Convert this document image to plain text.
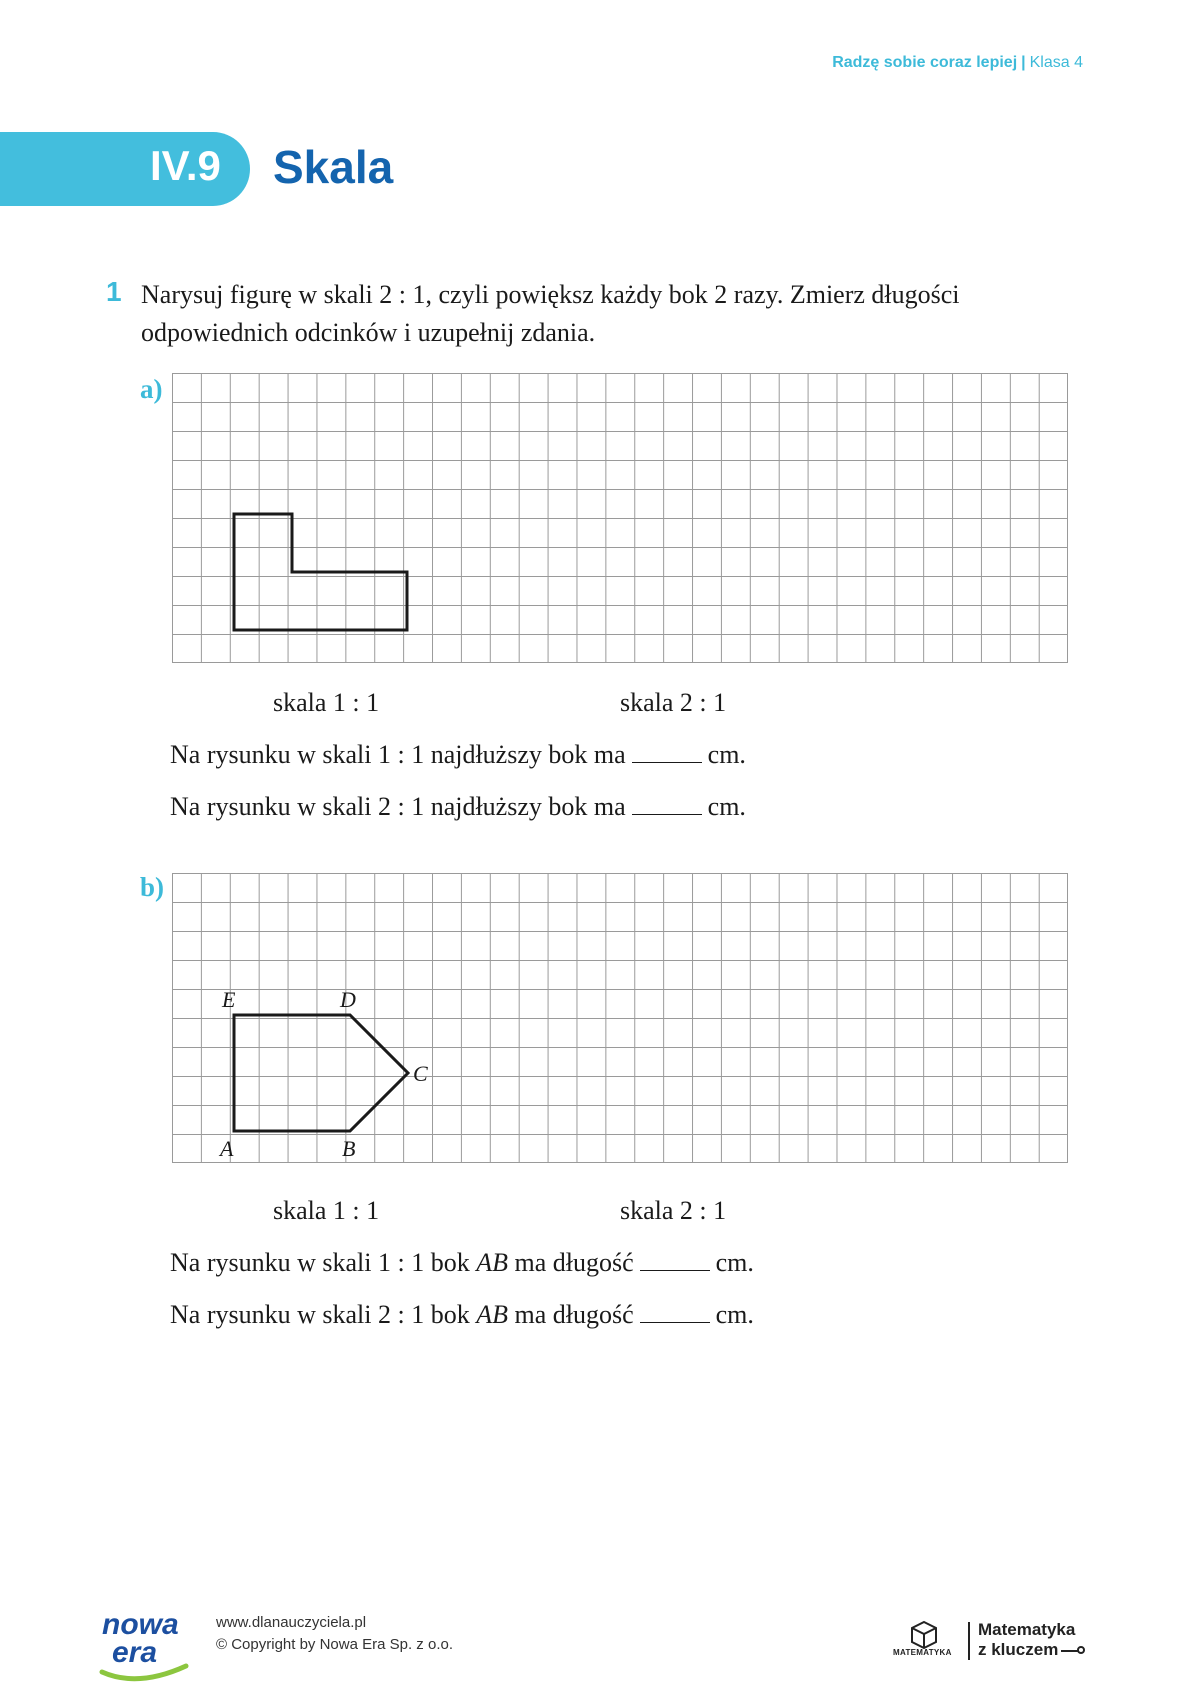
Radzę sobie coraz lepiej | Klasa 4
IV.9 Skala
1 Narysuj figurę w skali 2 : 1, czyli powiększ każdy bok 2 razy. Zmierz długości odpowiednich odcinków i uzupełnij zdania.
a)
skala 1 : 1	skala 2 : 1
Na rysunku w skali 1 : 1 najdłuższy bok ma	cm.
Na rysunku w skali 2 : 1 najdłuższy bok ma	cm.
b)
E	D
C
A	B
skala 1 : 1	skala 2 : 1
Na rysunku w skali 1 : 1 bok AB ma długość	cm.
Na rysunku w skali 2 : 1 bok AB ma długość	cm.
nowa
era
www.dlanauczyciela.pl
© Copyright by Nowa Era Sp. z o.o.	MATEMATYKA
Matematyka
z kluczem
